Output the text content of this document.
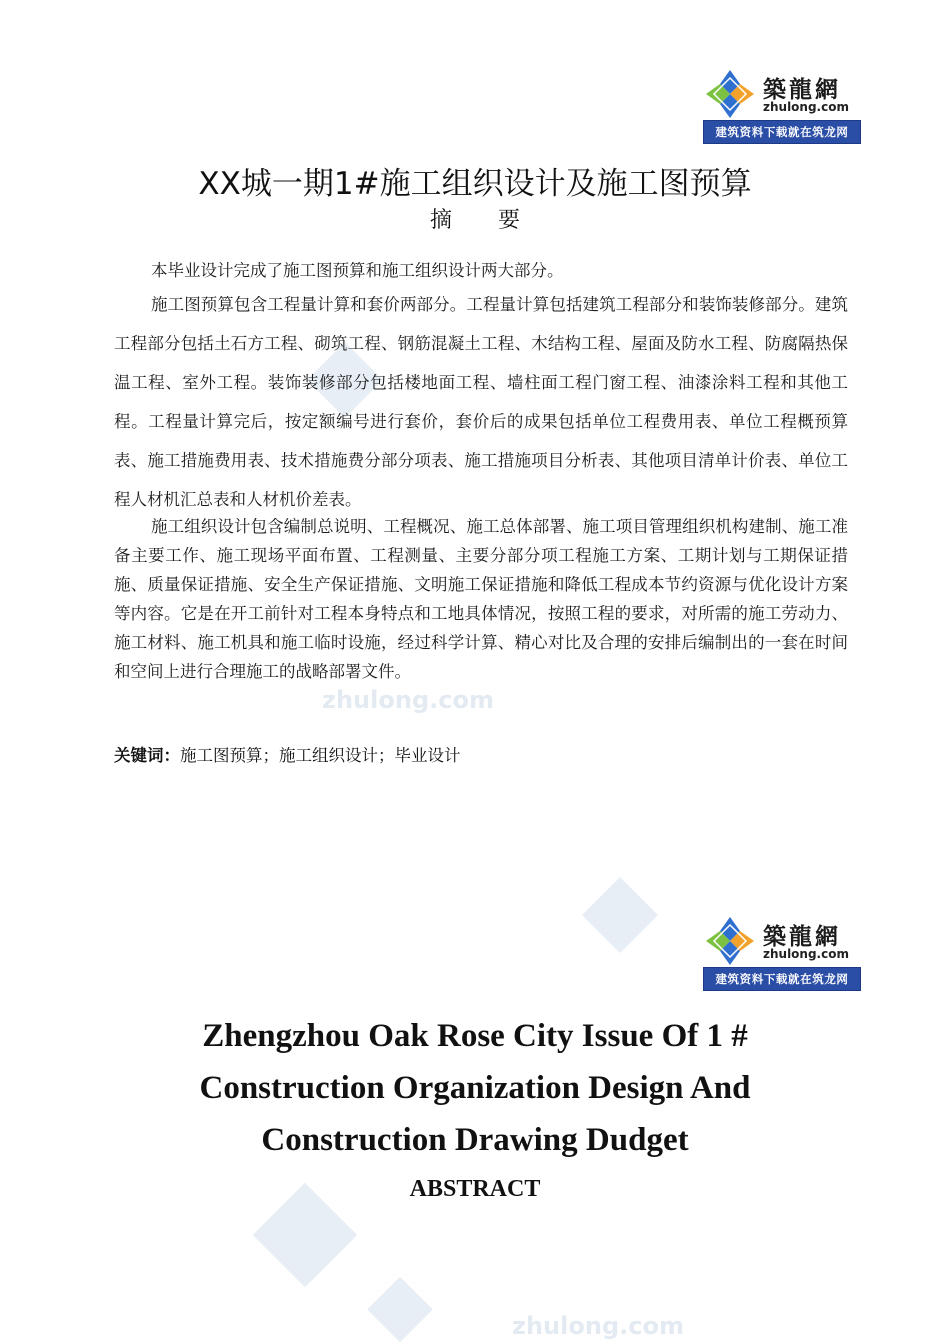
zhulong.com
zhulong.com
築龍網
zhulong.com
建筑资料下载就在筑龙网
XX城一期1#施工组织设计及施工图预算
摘要

本毕业设计完成了施工图预算和施工组织设计两大部分。

施工图预算包含工程量计算和套价两部分。工程量计算包括建筑工程部分和装饰装修部分。建筑工程部分包括土石方工程、砌筑工程、钢筋混凝土工程、木结构工程、屋面及防水工程、防腐隔热保温工程、室外工程。装饰装修部分包括楼地面工程、墙柱面工程门窗工程、油漆涂料工程和其他工程。工程量计算完后，按定额编号进行套价，套价后的成果包括单位工程费用表、单位工程概预算表、施工措施费用表、技术措施费分部分项表、施工措施项目分析表、其他项目清单计价表、单位工程人材机汇总表和人材机价差表。

施工组织设计包含编制总说明、工程概况、施工总体部署、施工项目管理组织机构建制、施工准备主要工作、施工现场平面布置、工程测量、主要分部分项工程施工方案、工期计划与工期保证措施、质量保证措施、安全生产保证措施、文明施工保证措施和降低工程成本节约资源与优化设计方案等内容。它是在开工前针对工程本身特点和工地具体情况，按照工程的要求，对所需的施工劳动力、施工材料、施工机具和施工临时设施，经过科学计算、精心对比及合理的安排后编制出的一套在时间和空间上进行合理施工的战略部署文件。

关键词：施工图预算；施工组织设计；毕业设计
築龍網
zhulong.com
建筑资料下载就在筑龙网
Zhengzhou Oak Rose City Issue Of 1 #
Construction Organization Design And
Construction Drawing Dudget
ABSTRACT
